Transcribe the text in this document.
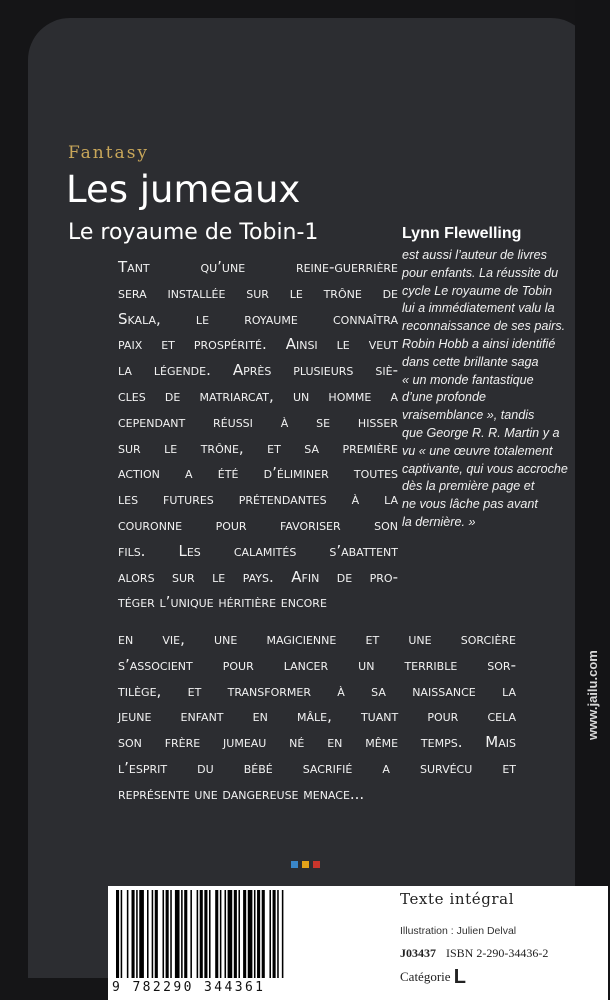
Fantasy
Les jumeaux
Le royaume de Tobin-1	Lynn Flewelling
Tant qu’une reine-guerrière
sera installée sur le trône de
Skala, le royaume connaîtra
paix et prospérité. Ainsi le veut
la légende. Après plusieurs siè-
cles de matriarcat, un homme a
cependant réussi à se hisser
sur le trône, et sa première
action a été d’éliminer toutes
les futures prétendantes à la
couronne pour favoriser son
fils. Les calamités s’abattent
alors sur le pays. Afin de pro-
téger l’unique héritière encore
en vie, une magicienne et une sorcière
s’associent pour lancer un terrible sor-
tilège, et transformer à sa naissance la
jeune enfant en mâle, tuant pour cela
son frère jumeau né en même temps. Mais
l’esprit du bébé sacrifié a survécu et
représente une dangereuse menace...
est aussi l’auteur de livres
pour enfants. La réussite du
cycle Le royaume de Tobin
lui a immédiatement valu la
reconnaissance de ses pairs.
Robin Hobb a ainsi identifié
dans cette brillante saga
« un monde fantastique
d’une profonde
vraisemblance », tandis
que George R. R. Martin y a
vu « une œuvre totalement
captivante, qui vous accroche
dès la première page et
ne vous lâche pas avant
la dernière. »
www.jailu.com
9 782290 344361
Texte intégral
Illustration : Julien Delval
J03437 ISBN 2-290-34436-2
Catégorie L
